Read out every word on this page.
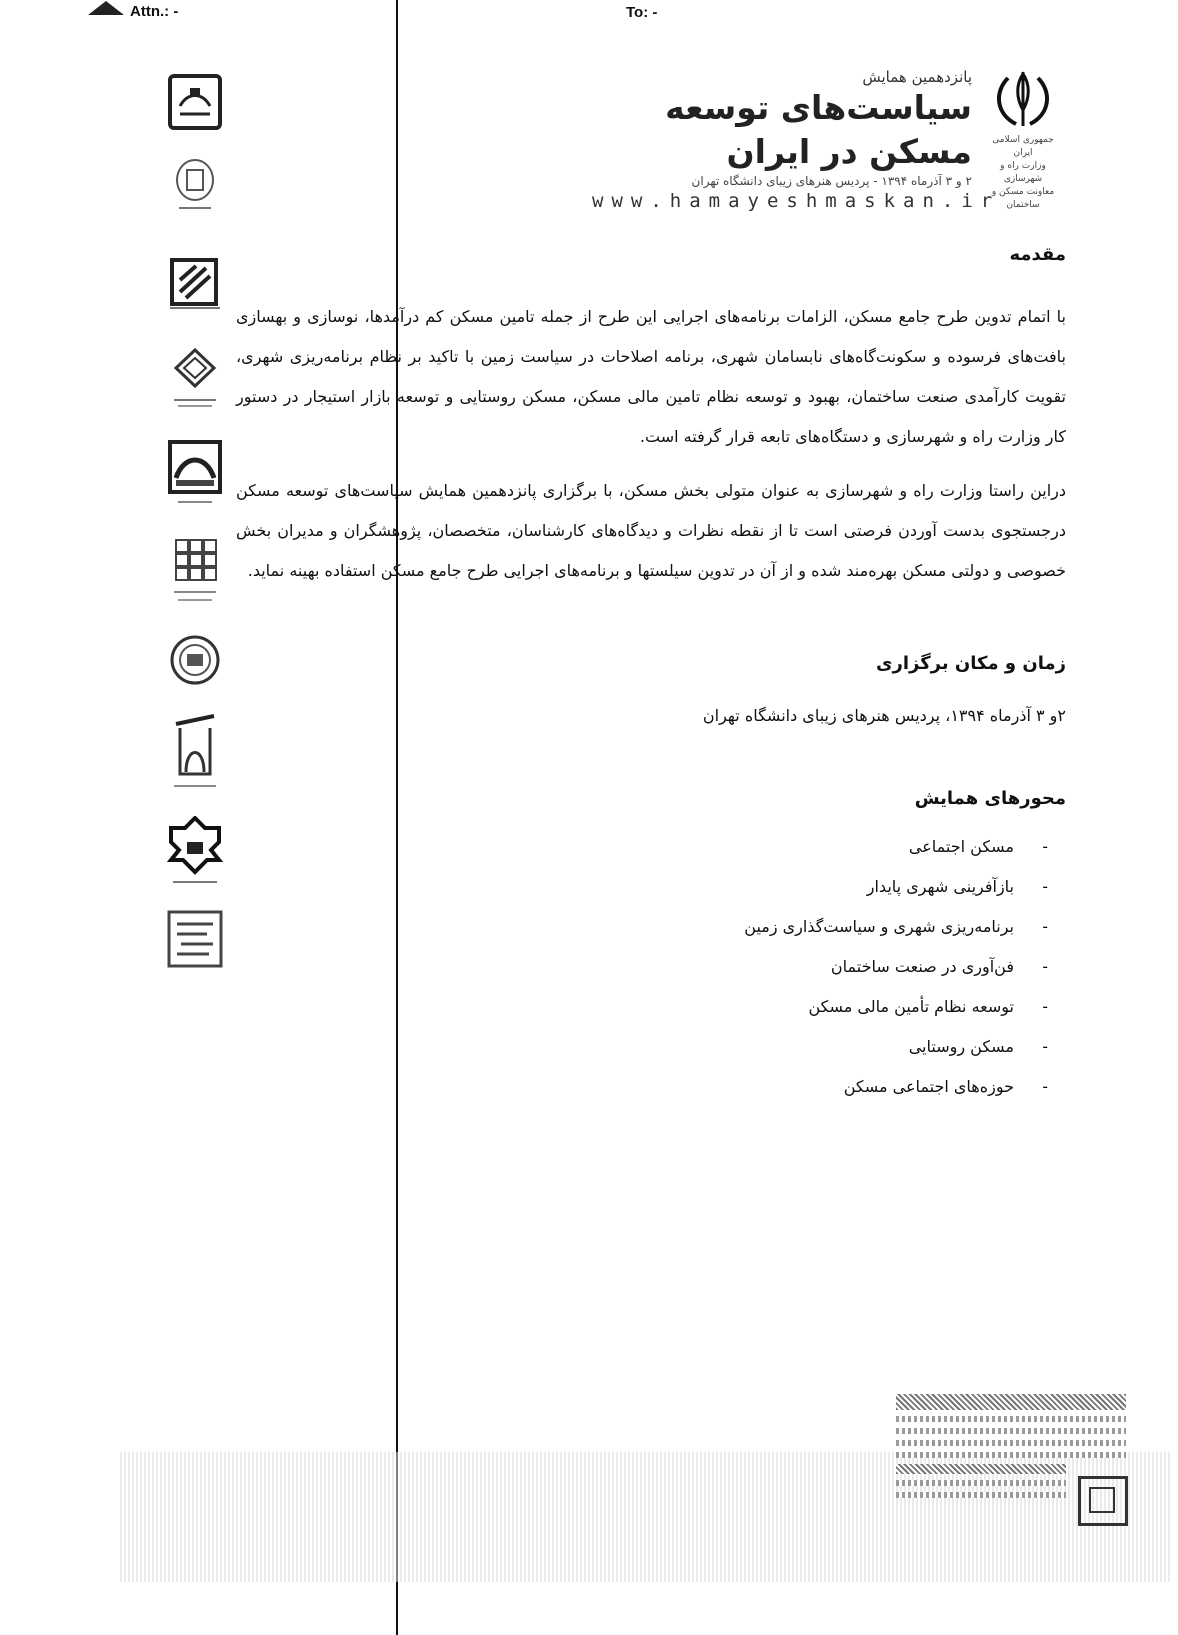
Attn.: -	To: -
جمهوری اسلامی ایران
وزارت راه و شهرسازی
معاونت مسکن و ساختمان
پانزدهمین همایش
سیاست‌های توسعه مسکن در ایران
۲ و ۳ آذرماه ۱۳۹۴ - پردیس هنرهای زیبای دانشگاه تهران
www.hamayeshmaskan.ir
مقدمه

با اتمام تدوین طرح جامع مسکن، الزامات برنامه‌های اجرایی این طرح از جمله تامین مسکن کم درآمدها، نوسازی و بهسازی بافت‌های فرسوده و سکونت‌گاه‌های نابسامان شهری، برنامه اصلاحات در سیاست زمین با تاکید بر نظام برنامه‌ریزی شهری، تقویت کارآمدی صنعت ساختمان، بهبود و توسعه نظام تامین مالی مسکن، مسکن روستایی و توسعه بازار استیجار در دستور کار وزارت راه و شهرسازی و دستگاه‌های تابعه قرار گرفته است.

دراین راستا وزارت راه و شهرسازی به عنوان متولی بخش مسکن، با برگزاری پانزدهمین همایش سیاست‌های توسعه مسکن درجستجوی بدست آوردن فرصتی است تا از نقطه نظرات و دیدگاه‌های کارشناسان، متخصصان، پژوهشگران و مدیران بخش خصوصی و دولتی مسکن بهره‌مند شده و از آن در تدوین سیلستها و برنامه‌های اجرایی طرح جامع مسکن استفاده بهینه نماید.

زمان و مکان برگزاری

۲و ۳ آذرماه ۱۳۹۴، پردیس هنرهای زیبای دانشگاه تهران

محورهای همایش
-
مسکن اجتماعی
-
بازآفرینی شهری پایدار
-
برنامه‌ریزی شهری و سیاست‌گذاری زمین
-
فن‌آوری در صنعت ساختمان
-
توسعه نظام تأمین مالی مسکن
-
مسکن روستایی
-
حوزه‌های اجتماعی مسکن
